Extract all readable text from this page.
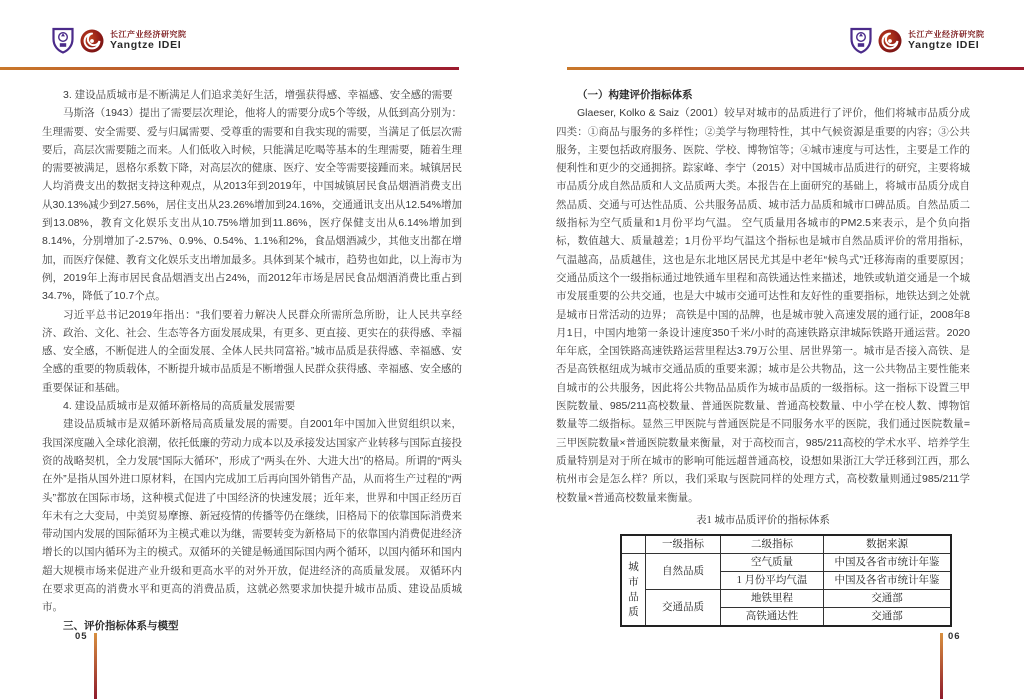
长江产业经济研究院
Yangtze IDEI
长江产业经济研究院
Yangtze IDEI

3. 建设品质城市是不断满足人们追求美好生活，增强获得感、幸福感、安全感的需要

马斯洛（1943）提出了需要层次理论，他将人的需要分成5个等级，从低到高分别为：生理需要、安全需要、爱与归属需要、受尊重的需要和自我实现的需要，当满足了低层次需要后，高层次需要随之而来。人们低收入时候，只能满足吃喝等基本的生理需要，随着生理的需要被满足，恩格尔系数下降，对高层次的健康、医疗、安全等需要接踵而来。城镇居民人均消费支出的数据支持这种观点，从2013年到2019年，中国城镇居民食品烟酒消费支出从30.13%减少到27.56%，居住支出从23.26%增加到24.16%，交通通讯支出从12.54%增加到13.08%，教育文化娱乐支出从10.75%增加到11.86%，医疗保健支出从6.14%增加到8.14%，分别增加了-2.57%、0.9%、0.54%、1.1%和2%，食品烟酒减少，其他支出都在增加，而医疗保健、教育文化娱乐支出增加最多。具体到某个城市，趋势也如此，以上海市为例，2019年上海市居民食品烟酒支出占24%，而2012年市场是居民食品烟酒消费比重占到34.7%，降低了10.7个点。

习近平总书记2019年指出：“我们要着力解决人民群众所需所急所盼，让人民共享经济、政治、文化、社会、生态等各方面发展成果，有更多、更直接、更实在的获得感、幸福感、安全感，不断促进人的全面发展、全体人民共同富裕。”城市品质是获得感、幸福感、安全感的重要的物质载体，不断提升城市品质是不断增强人民群众获得感、幸福感、安全感的重要保证和基础。

4. 建设品质城市是双循环新格局的高质量发展需要

建设品质城市是双循环新格局高质量发展的需要。自2001年中国加入世贸组织以来，我国深度融入全球化浪潮，依托低廉的劳动力成本以及承接发达国家产业转移与国际直接投资的战略契机，全力发展“国际大循环”，形成了“两头在外、大进大出”的格局。所谓的“两头在外”是指从国外进口原材料，在国内完成加工后再向国外销售产品，从而将生产过程的“两头”都放在国际市场，这种模式促进了中国经济的快速发展；近年来，世界和中国正经历百年未有之大变局，中美贸易摩擦、新冠疫情的传播等仍在继续，旧格局下的依靠国际消费来带动国内发展的国际循环为主模式难以为继，需要转变为新格局下的依靠国内消费促进经济增长的以国内循环为主的模式。双循环的关键是畅通国际国内两个循环，以国内循环和国内超大规模市场来促进产业升级和更高水平的对外开放，促进经济的高质量发展。 双循环内在要求更高的消费水平和更高的消费品质，这就必然要求加快提升城市品质、建设品质城市。

三、评价指标体系与模型

（一）构建评价指标体系

Glaeser, Kolko & Saiz（2001）较早对城市的品质进行了评价，他们将城市品质分成四类：①商品与服务的多样性；②美学与物理特性，其中气候资源是重要的内容；③公共服务，主要包括政府服务、医院、学校、博物馆等；④城市速度与可达性，主要是工作的便利性和更少的交通拥挤。踪家峰、李宁（2015）对中国城市品质进行的研究，主要将城市品质分成自然品质和人文品质两大类。本报告在上面研究的基础上，将城市品质分成自然品质、交通与可达性品质、公共服务品质、城市活力品质和城市口碑品质。自然品质二级指标为空气质量和1月份平均气温。 空气质量用各城市的PM2.5来表示，是个负向指标，数值越大、质量越差；1月份平均气温这个指标也是城市自然品质评价的常用指标，气温越高，品质越佳，这也是东北地区居民尤其是中老年“候鸟式”迁移海南的重要原因；交通品质这个一级指标通过地铁通车里程和高铁通达性来描述，地铁或轨道交通是一个城市发展重要的公共交通，也是大中城市交通可达性和友好性的重要指标，地铁达到之处就是城市日常活动的边界； 高铁是中国的品牌，也是城市驶入高速发展的通行证，2008年8月1日，中国内地第一条设计速度350千米/小时的高速铁路京津城际铁路开通运营。2020年年底，全国铁路高速铁路运营里程达3.79万公里、居世界第一。城市是否接入高铁、是否是高铁枢纽成为城市交通品质的重要来源；城市是公共物品，这一公共物品主要性能来自城市的公共服务，因此将公共物品品质作为城市品质的一级指标。这一指标下设置三甲医院数量、985/211高校数量、普通医院数量、普通高校数量、中小学在校人数、博物馆数量等二级指标。显然三甲医院与普通医院是不同服务水平的医院，我们通过医院数量=三甲医院数量×普通医院数量来衡量，对于高校而言，985/211高校的学术水平、培养学生质量特别是对于所在城市的影响可能远超普通高校，设想如果浙江大学迁移到江西，那么杭州市会是怎么样？所以，我们采取与医院同样的处理方式，高校数量则通过985/211学校数量×普通高校数量来衡量。

表1 城市品质评价的指标体系
	一级指标	二级指标	数据来源
城市品质	自然品质	空气质量	中国及各省市统计年鉴
		1 月份平均气温	中国及各省市统计年鉴
	交通品质	地铁里程	交通部
		高铁通达性	交通部
05	06
